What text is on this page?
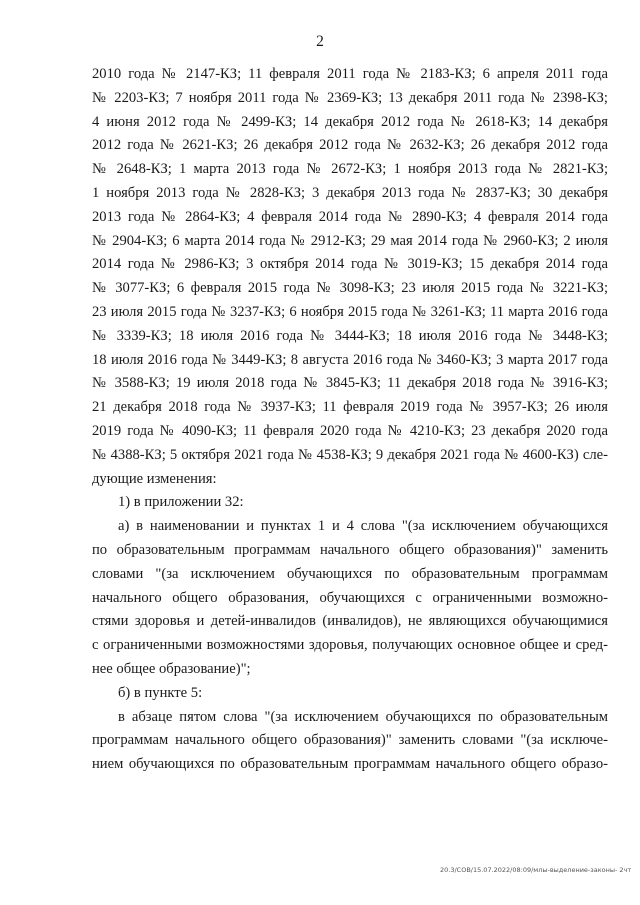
2
2010 года № 2147-КЗ; 11 февраля 2011 года № 2183-КЗ; 6 апреля 2011 года
№ 2203-КЗ; 7 ноября 2011 года № 2369-КЗ; 13 декабря 2011 года № 2398-КЗ;
4 июня 2012 года № 2499-КЗ; 14 декабря 2012 года № 2618-КЗ; 14 декабря
2012 года № 2621-КЗ; 26 декабря 2012 года № 2632-КЗ; 26 декабря 2012 года
№ 2648-КЗ; 1 марта 2013 года № 2672-КЗ; 1 ноября 2013 года № 2821-КЗ;
1 ноября 2013 года № 2828-КЗ; 3 декабря 2013 года № 2837-КЗ; 30 декабря
2013 года № 2864-КЗ; 4 февраля 2014 года № 2890-КЗ; 4 февраля 2014 года
№ 2904-КЗ; 6 марта 2014 года № 2912-КЗ; 29 мая 2014 года № 2960-КЗ; 2 июля
2014 года № 2986-КЗ; 3 октября 2014 года № 3019-КЗ; 15 декабря 2014 года
№ 3077-КЗ; 6 февраля 2015 года № 3098-КЗ; 23 июля 2015 года № 3221-КЗ;
23 июля 2015 года № 3237-КЗ; 6 ноября 2015 года № 3261-КЗ; 11 марта 2016 года
№ 3339-КЗ; 18 июля 2016 года № 3444-КЗ; 18 июля 2016 года № 3448-КЗ;
18 июля 2016 года № 3449-КЗ; 8 августа 2016 года № 3460-КЗ; 3 марта 2017 года
№ 3588-КЗ; 19 июля 2018 года № 3845-КЗ; 11 декабря 2018 года № 3916-КЗ;
21 декабря 2018 года № 3937-КЗ; 11 февраля 2019 года № 3957-КЗ; 26 июля
2019 года № 4090-КЗ; 11 февраля 2020 года № 4210-КЗ; 23 декабря 2020 года
№ 4388-КЗ; 5 октября 2021 года № 4538-КЗ; 9 декабря 2021 года № 4600-КЗ) сле-
дующие изменения:
1) в приложении 32:
а) в наименовании и пунктах 1 и 4 слова "(за исключением обучающихся
по образовательным программам начального общего образования)" заменить
словами "(за исключением обучающихся по образовательным программам
начального общего образования, обучающихся с ограниченными возможно-
стями здоровья и детей-инвалидов (инвалидов), не являющихся обучающимися
с ограниченными возможностями здоровья, получающих основное общее и сред-
нее общее образование)";
б) в пункте 5:
в абзаце пятом слова "(за исключением обучающихся по образовательным
программам начального общего образования)" заменить словами "(за исключе-
нием обучающихся по образовательным программам начального общего образо-
20.3/СОВ/15.07.2022/08:09/млы-выделение-законы- 2чт
